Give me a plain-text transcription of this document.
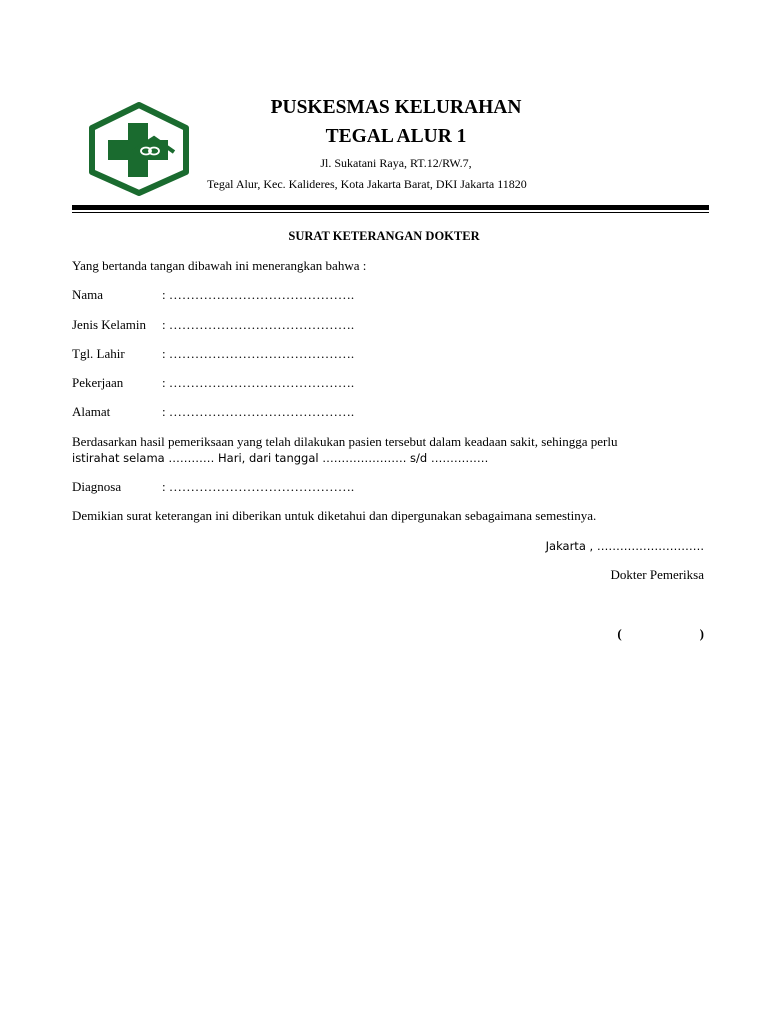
PUSKESMAS KELURAHAN
TEGAL ALUR 1
Jl. Sukatani Raya, RT.12/RW.7,
Tegal Alur, Kec. Kalideres, Kota Jakarta Barat, DKI Jakarta 11820
SURAT KETERANGAN DOKTER
Yang bertanda tangan dibawah ini menerangkan bahwa :
Nama	: …………………………………….
Jenis Kelamin : …………………………………….
Tgl. Lahir	: …………………………………….
Pekerjaan	: …………………………………….
Alamat	: …………………………………….
Berdasarkan hasil pemeriksaan yang telah dilakukan pasien tersebut dalam keadaan sakit, sehingga perlu
istirahat selama ………… Hari, dari tanggal …………………. s/d ……………
Diagnosa	: …………………………………….
Demikian surat keterangan ini diberikan untuk diketahui dan dipergunakan sebagaimana semestinya.
Jakarta , ……………………….
Dokter Pemeriksa
(                        )
